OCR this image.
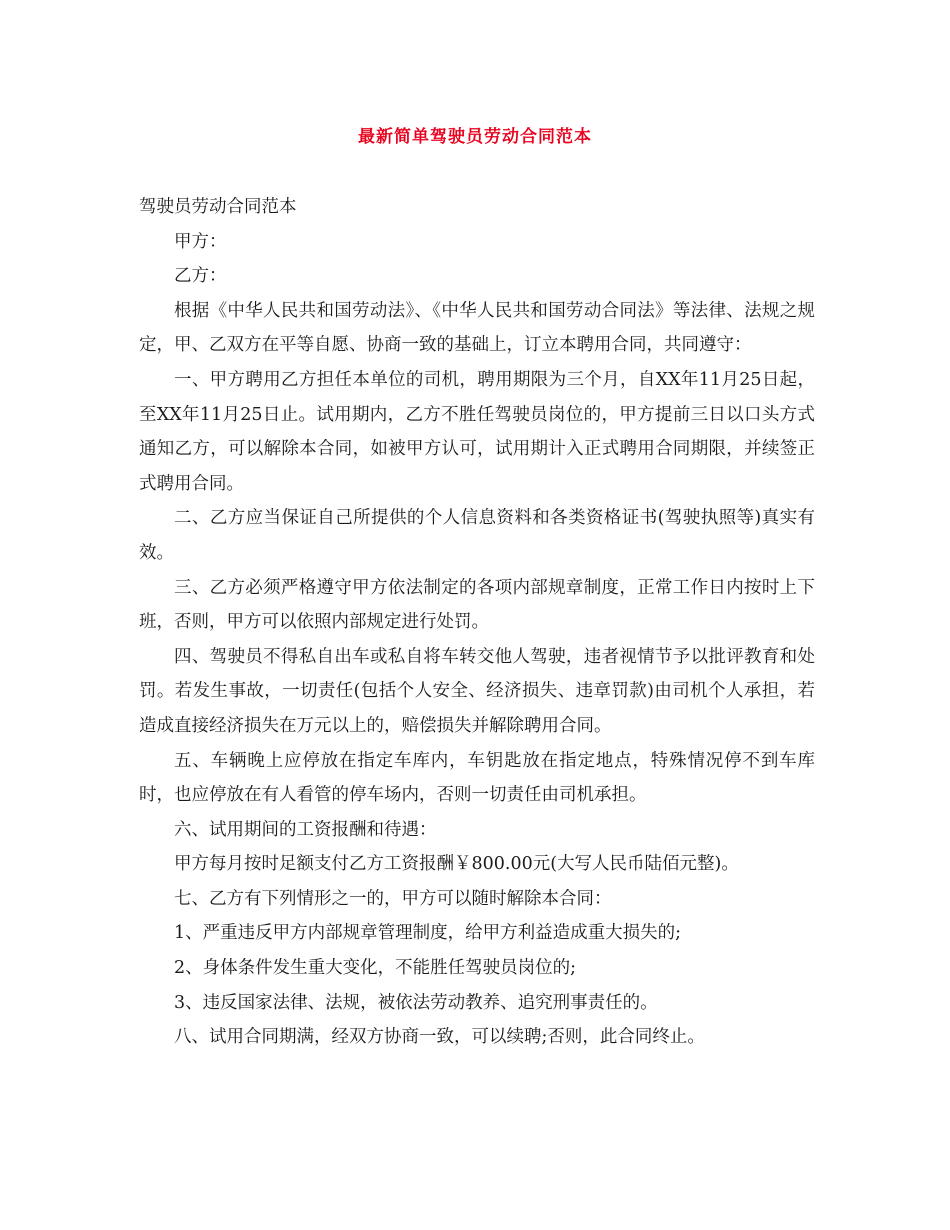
最新简单驾驶员劳动合同范本

驾驶员劳动合同范本

甲方：

乙方：

根据《中华人民共和国劳动法》、《中华人民共和国劳动合同法》等法律、法规之规定，甲、乙双方在平等自愿、协商一致的基础上，订立本聘用合同，共同遵守：

一、甲方聘用乙方担任本单位的司机，聘用期限为三个月，自XX年11月25日起，至XX年11月25日止。试用期内，乙方不胜任驾驶员岗位的，甲方提前三日以口头方式通知乙方，可以解除本合同，如被甲方认可，试用期计入正式聘用合同期限，并续签正式聘用合同。

二、乙方应当保证自己所提供的个人信息资料和各类资格证书(驾驶执照等)真实有效。

三、乙方必须严格遵守甲方依法制定的各项内部规章制度，正常工作日内按时上下班，否则，甲方可以依照内部规定进行处罚。

四、驾驶员不得私自出车或私自将车转交他人驾驶，违者视情节予以批评教育和处罚。若发生事故，一切责任(包括个人安全、经济损失、违章罚款)由司机个人承担，若造成直接经济损失在万元以上的，赔偿损失并解除聘用合同。

五、车辆晚上应停放在指定车库内，车钥匙放在指定地点，特殊情况停不到车库时，也应停放在有人看管的停车场内，否则一切责任由司机承担。

六、试用期间的工资报酬和待遇：

甲方每月按时足额支付乙方工资报酬￥800.00元(大写人民币陆佰元整)。

七、乙方有下列情形之一的，甲方可以随时解除本合同：

1、严重违反甲方内部规章管理制度，给甲方利益造成重大损失的;

2、身体条件发生重大变化，不能胜任驾驶员岗位的;

3、违反国家法律、法规，被依法劳动教养、追究刑事责任的。

八、试用合同期满，经双方协商一致，可以续聘;否则，此合同终止。
